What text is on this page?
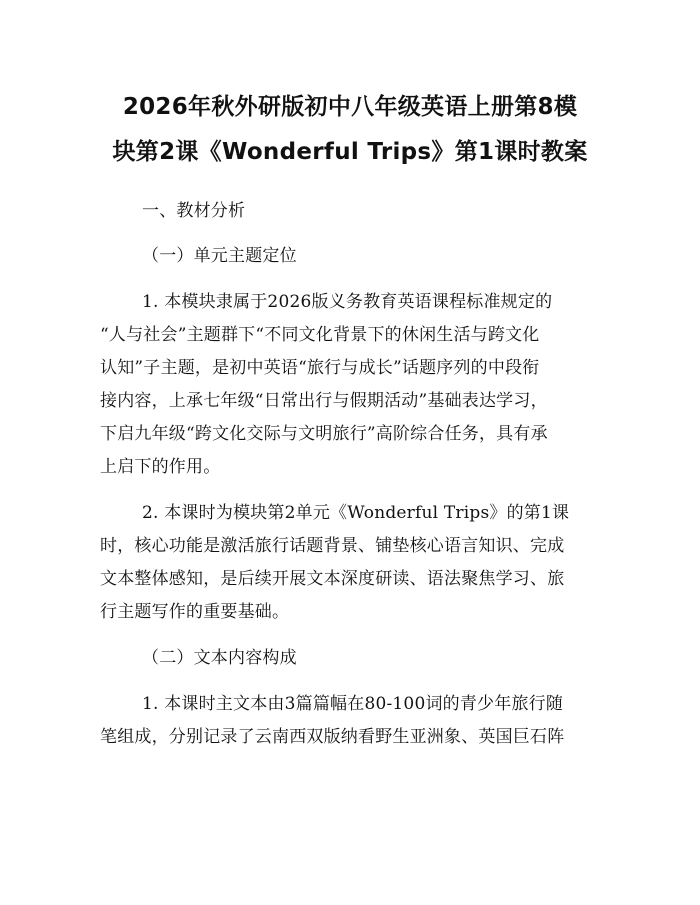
2026年秋外研版初中八年级英语上册第8模
块第2课《Wonderful Trips》第1课时教案
一、教材分析
（一）单元主题定位
1. 本模块隶属于2026版义务教育英语课程标准规定的
“人与社会”主题群下“不同文化背景下的休闲生活与跨文化
认知”子主题，是初中英语“旅行与成长”话题序列的中段衔
接内容，上承七年级“日常出行与假期活动”基础表达学习，
下启九年级“跨文化交际与文明旅行”高阶综合任务，具有承
上启下的作用。
2. 本课时为模块第2单元《Wonderful Trips》的第1课
时，核心功能是激活旅行话题背景、铺垫核心语言知识、完成
文本整体感知，是后续开展文本深度研读、语法聚焦学习、旅
行主题写作的重要基础。
（二）文本内容构成
1. 本课时主文本由3篇篇幅在80-100词的青少年旅行随
笔组成，分别记录了云南西双版纳看野生亚洲象、英国巨石阵
